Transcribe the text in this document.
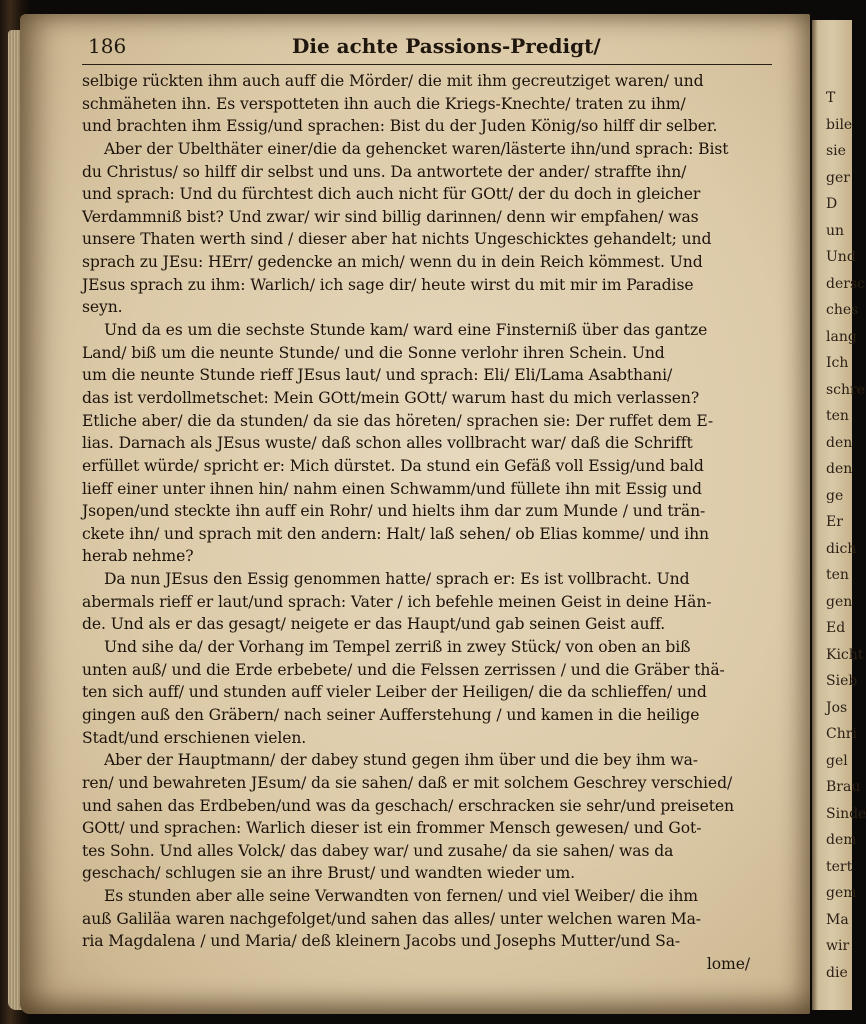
T
bile
sie
ger
D
un
Und
dersc
ches
lang
Ich
schre
ten
den
den
ge
Er
dich
ten
gen
Ed
Kicht
Sieb
Jos
Chri
gel
Brau
Sinde
dem
tert
gem
Ma
wir
die
186	Die achte Passions-Predigt/
selbige rückten ihm auch auff die Mörder/ die mit ihm gecreutziget waren/ und
schmäheten ihn. Es verspotteten ihn auch die Kriegs-Knechte/ traten zu ihm/
und brachten ihm Essig/und sprachen: Bist du der Juden König/so hilff dir selber.
Aber der Ubelthäter einer/die da gehencket waren/lästerte ihn/und sprach: Bist
du Christus/ so hilff dir selbst und uns. Da antwortete der ander/ straffte ihn/
und sprach: Und du fürchtest dich auch nicht für GOtt/ der du doch in gleicher
Verdammniß bist? Und zwar/ wir sind billig darinnen/ denn wir empfahen/ was
unsere Thaten werth sind / dieser aber hat nichts Ungeschicktes gehandelt; und
sprach zu JEsu: HErr/ gedencke an mich/ wenn du in dein Reich kömmest. Und
JEsus sprach zu ihm: Warlich/ ich sage dir/ heute wirst du mit mir im Paradise
seyn.
Und da es um die sechste Stunde kam/ ward eine Finsterniß über das gantze
Land/ biß um die neunte Stunde/ und die Sonne verlohr ihren Schein. Und
um die neunte Stunde rieff JEsus laut/ und sprach: Eli/ Eli/Lama Asabthani/
das ist verdollmetschet: Mein GOtt/mein GOtt/ warum hast du mich verlassen?
Etliche aber/ die da stunden/ da sie das höreten/ sprachen sie: Der ruffet dem E-
lias. Darnach als JEsus wuste/ daß schon alles vollbracht war/ daß die Schrifft
erfüllet würde/ spricht er: Mich dürstet. Da stund ein Gefäß voll Essig/und bald
lieff einer unter ihnen hin/ nahm einen Schwamm/und füllete ihn mit Essig und
Jsopen/und steckte ihn auff ein Rohr/ und hielts ihm dar zum Munde / und trän-
ckete ihn/ und sprach mit den andern: Halt/ laß sehen/ ob Elias komme/ und ihn
herab nehme?
Da nun JEsus den Essig genommen hatte/ sprach er: Es ist vollbracht. Und
abermals rieff er laut/und sprach: Vater / ich befehle meinen Geist in deine Hän-
de. Und als er das gesagt/ neigete er das Haupt/und gab seinen Geist auff.
Und sihe da/ der Vorhang im Tempel zerriß in zwey Stück/ von oben an biß
unten auß/ und die Erde erbebete/ und die Felssen zerrissen / und die Gräber thä-
ten sich auff/ und stunden auff vieler Leiber der Heiligen/ die da schlieffen/ und
gingen auß den Gräbern/ nach seiner Aufferstehung / und kamen in die heilige
Stadt/und erschienen vielen.
Aber der Hauptmann/ der dabey stund gegen ihm über und die bey ihm wa-
ren/ und bewahreten JEsum/ da sie sahen/ daß er mit solchem Geschrey verschied/
und sahen das Erdbeben/und was da geschach/ erschracken sie sehr/und preiseten
GOtt/ und sprachen: Warlich dieser ist ein frommer Mensch gewesen/ und Got-
tes Sohn. Und alles Volck/ das dabey war/ und zusahe/ da sie sahen/ was da
geschach/ schlugen sie an ihre Brust/ und wandten wieder um.
Es stunden aber alle seine Verwandten von fernen/ und viel Weiber/ die ihm
auß Galiläa waren nachgefolget/und sahen das alles/ unter welchen waren Ma-
ria Magdalena / und Maria/ deß kleinern Jacobs und Josephs Mutter/und Sa-
lome/
